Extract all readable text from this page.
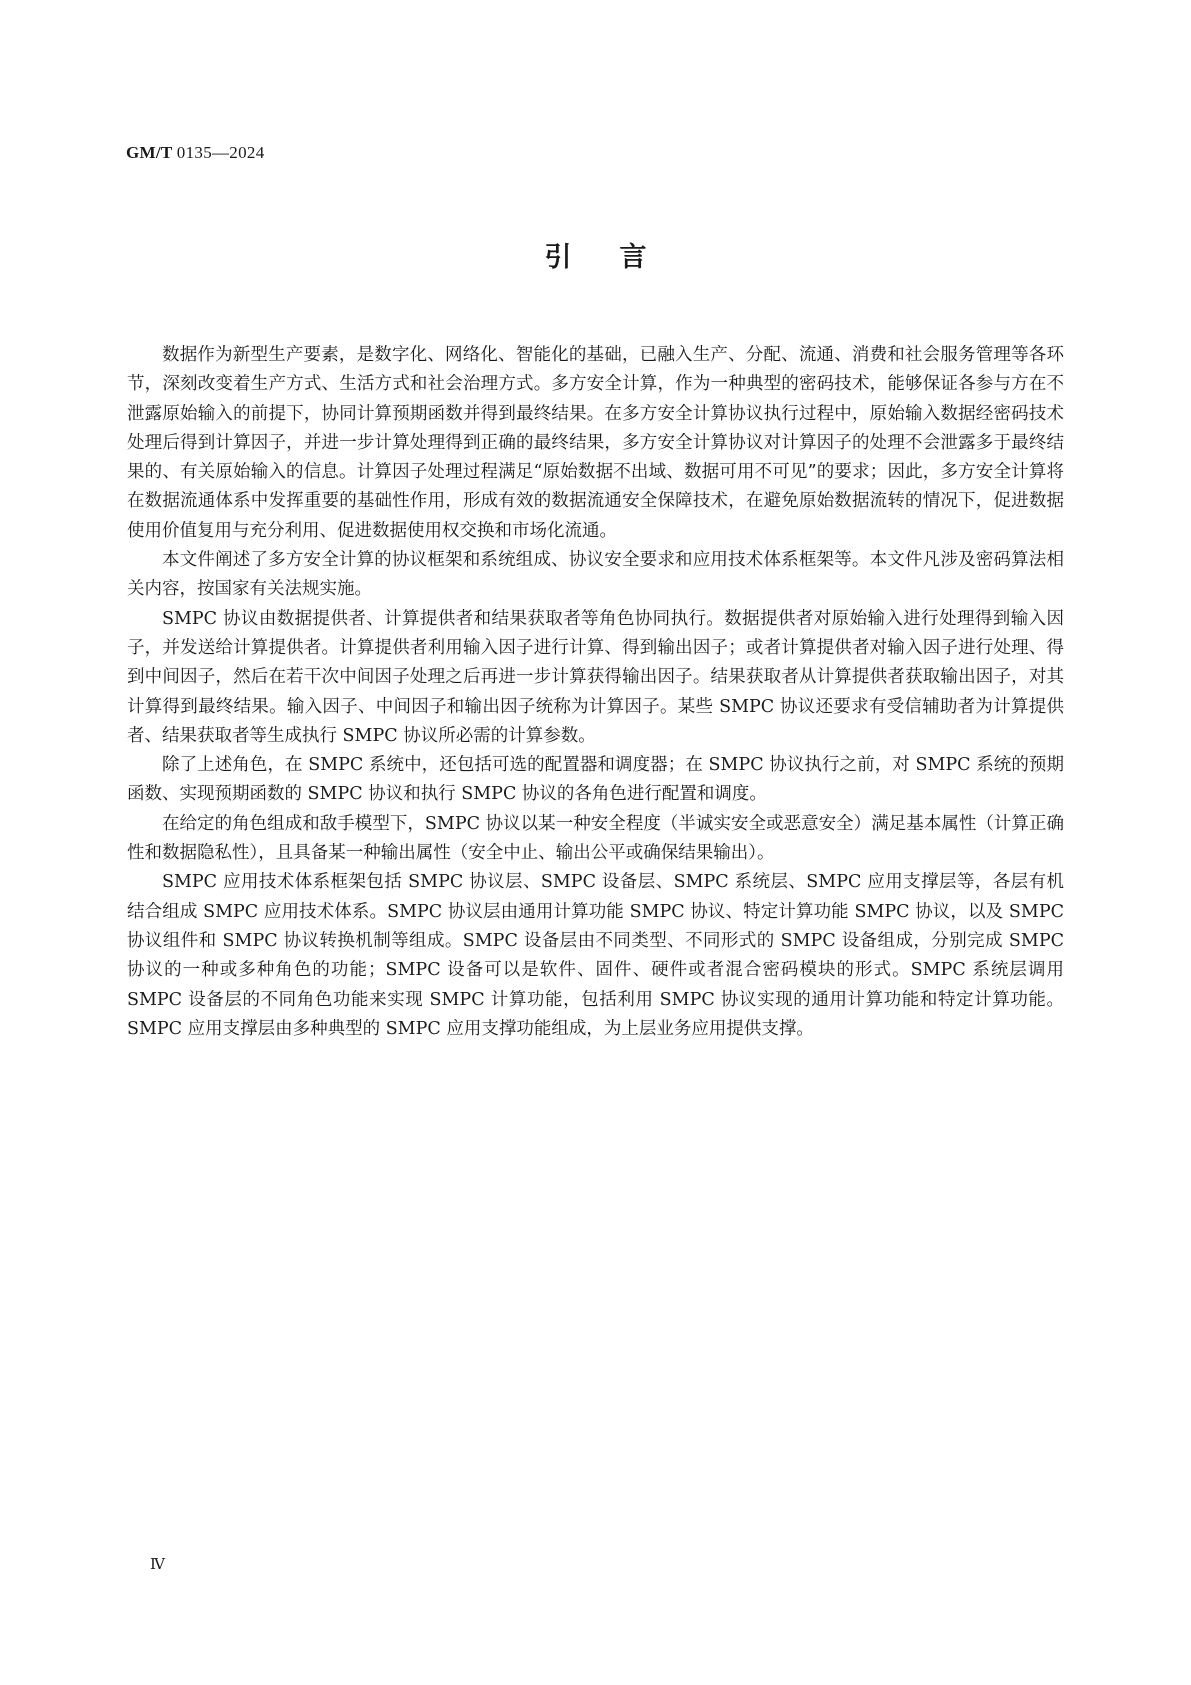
GM/T 0135—2024
引言

数据作为新型生产要素，是数字化、网络化、智能化的基础，已融入生产、分配、流通、消费和社会服务管理等各环节，深刻改变着生产方式、生活方式和社会治理方式。多方安全计算，作为一种典型的密码技术，能够保证各参与方在不泄露原始输入的前提下，协同计算预期函数并得到最终结果。在多方安全计算协议执行过程中，原始输入数据经密码技术处理后得到计算因子，并进一步计算处理得到正确的最终结果，多方安全计算协议对计算因子的处理不会泄露多于最终结果的、有关原始输入的信息。计算因子处理过程满足“原始数据不出域、数据可用不可见”的要求；因此，多方安全计算将在数据流通体系中发挥重要的基础性作用，形成有效的数据流通安全保障技术，在避免原始数据流转的情况下，促进数据使用价值复用与充分利用、促进数据使用权交换和市场化流通。

本文件阐述了多方安全计算的协议框架和系统组成、协议安全要求和应用技术体系框架等。本文件凡涉及密码算法相关内容，按国家有关法规实施。

SMPC 协议由数据提供者、计算提供者和结果获取者等角色协同执行。数据提供者对原始输入进行处理得到输入因子，并发送给计算提供者。计算提供者利用输入因子进行计算、得到输出因子；或者计算提供者对输入因子进行处理、得到中间因子，然后在若干次中间因子处理之后再进一步计算获得输出因子。结果获取者从计算提供者获取输出因子，对其计算得到最终结果。输入因子、中间因子和输出因子统称为计算因子。某些 SMPC 协议还要求有受信辅助者为计算提供者、结果获取者等生成执行 SMPC 协议所必需的计算参数。

除了上述角色，在 SMPC 系统中，还包括可选的配置器和调度器；在 SMPC 协议执行之前，对 SMPC 系统的预期函数、实现预期函数的 SMPC 协议和执行 SMPC 协议的各角色进行配置和调度。

在给定的角色组成和敌手模型下，SMPC 协议以某一种安全程度（半诚实安全或恶意安全）满足基本属性（计算正确性和数据隐私性），且具备某一种输出属性（安全中止、输出公平或确保结果输出）。

SMPC 应用技术体系框架包括 SMPC 协议层、SMPC 设备层、SMPC 系统层、SMPC 应用支撑层等，各层有机结合组成 SMPC 应用技术体系。SMPC 协议层由通用计算功能 SMPC 协议、特定计算功能 SMPC 协议，以及 SMPC 协议组件和 SMPC 协议转换机制等组成。SMPC 设备层由不同类型、不同形式的 SMPC 设备组成，分别完成 SMPC 协议的一种或多种角色的功能；SMPC 设备可以是软件、固件、硬件或者混合密码模块的形式。SMPC 系统层调用 SMPC 设备层的不同角色功能来实现 SMPC 计算功能，包括利用 SMPC 协议实现的通用计算功能和特定计算功能。SMPC 应用支撑层由多种典型的 SMPC 应用支撑功能组成，为上层业务应用提供支撑。

Ⅳ
